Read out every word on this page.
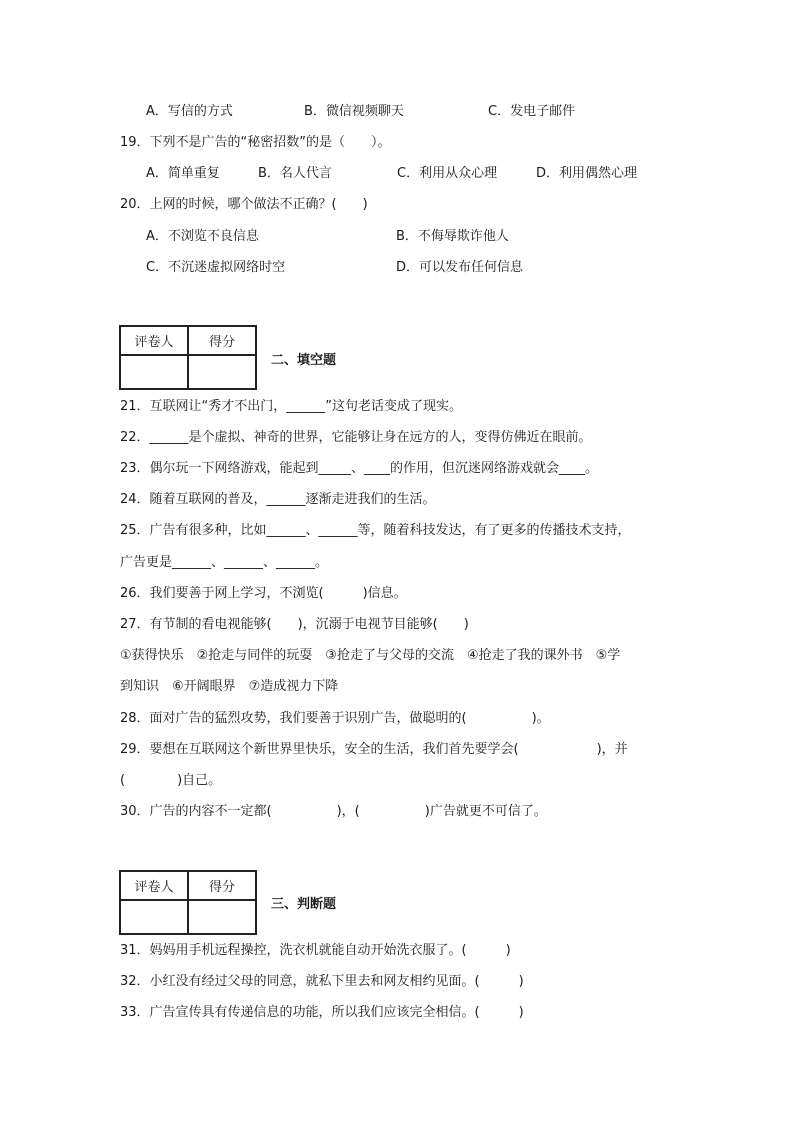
A．写信的方式	B．微信视频聊天	C．发电子邮件
19．下列不是广告的“秘密招数”的是（　　）。
A．简单重复	B．名人代言	C．利用从众心理	D．利用偶然心理
20．上网的时候，哪个做法不正确？(　　)
A．不浏览不良信息	B．不侮辱欺诈他人
C．不沉迷虚拟网络时空	D．可以发布任何信息
评卷人	得分

二、填空题
21．互联网让“秀才不出门，______”这句老话变成了现实。
22．______是个虚拟、神奇的世界，它能够让身在远方的人，变得仿佛近在眼前。
23．偶尔玩一下网络游戏，能起到_____、____的作用，但沉迷网络游戏就会____。
24．随着互联网的普及，______逐渐走进我们的生活。
25．广告有很多种，比如______、______等，随着科技发达，有了更多的传播技术支持，
广告更是______、______、______。
26．我们要善于网上学习，不浏览(　　　)信息。
27．有节制的看电视能够(　　)，沉溺于电视节目能够(　　)
①获得快乐　②抢走与同伴的玩耍　③抢走了与父母的交流　④抢走了我的课外书　⑤学
到知识　⑥开阔眼界　⑦造成视力下降
28．面对广告的猛烈攻势，我们要善于识别广告，做聪明的(　　　　　)。
29．要想在互联网这个新世界里快乐，安全的生活，我们首先要学会(　　　　　　)，并
(　　　　)自己。
30．广告的内容不一定都(　　　　　)，(　　　　　)广告就更不可信了。
评卷人	得分

三、判断题
31．妈妈用手机远程操控，洗衣机就能自动开始洗衣服了。(　　　)
32．小红没有经过父母的同意，就私下里去和网友相约见面。(　　　)
33．广告宣传具有传递信息的功能，所以我们应该完全相信。(　　　)
